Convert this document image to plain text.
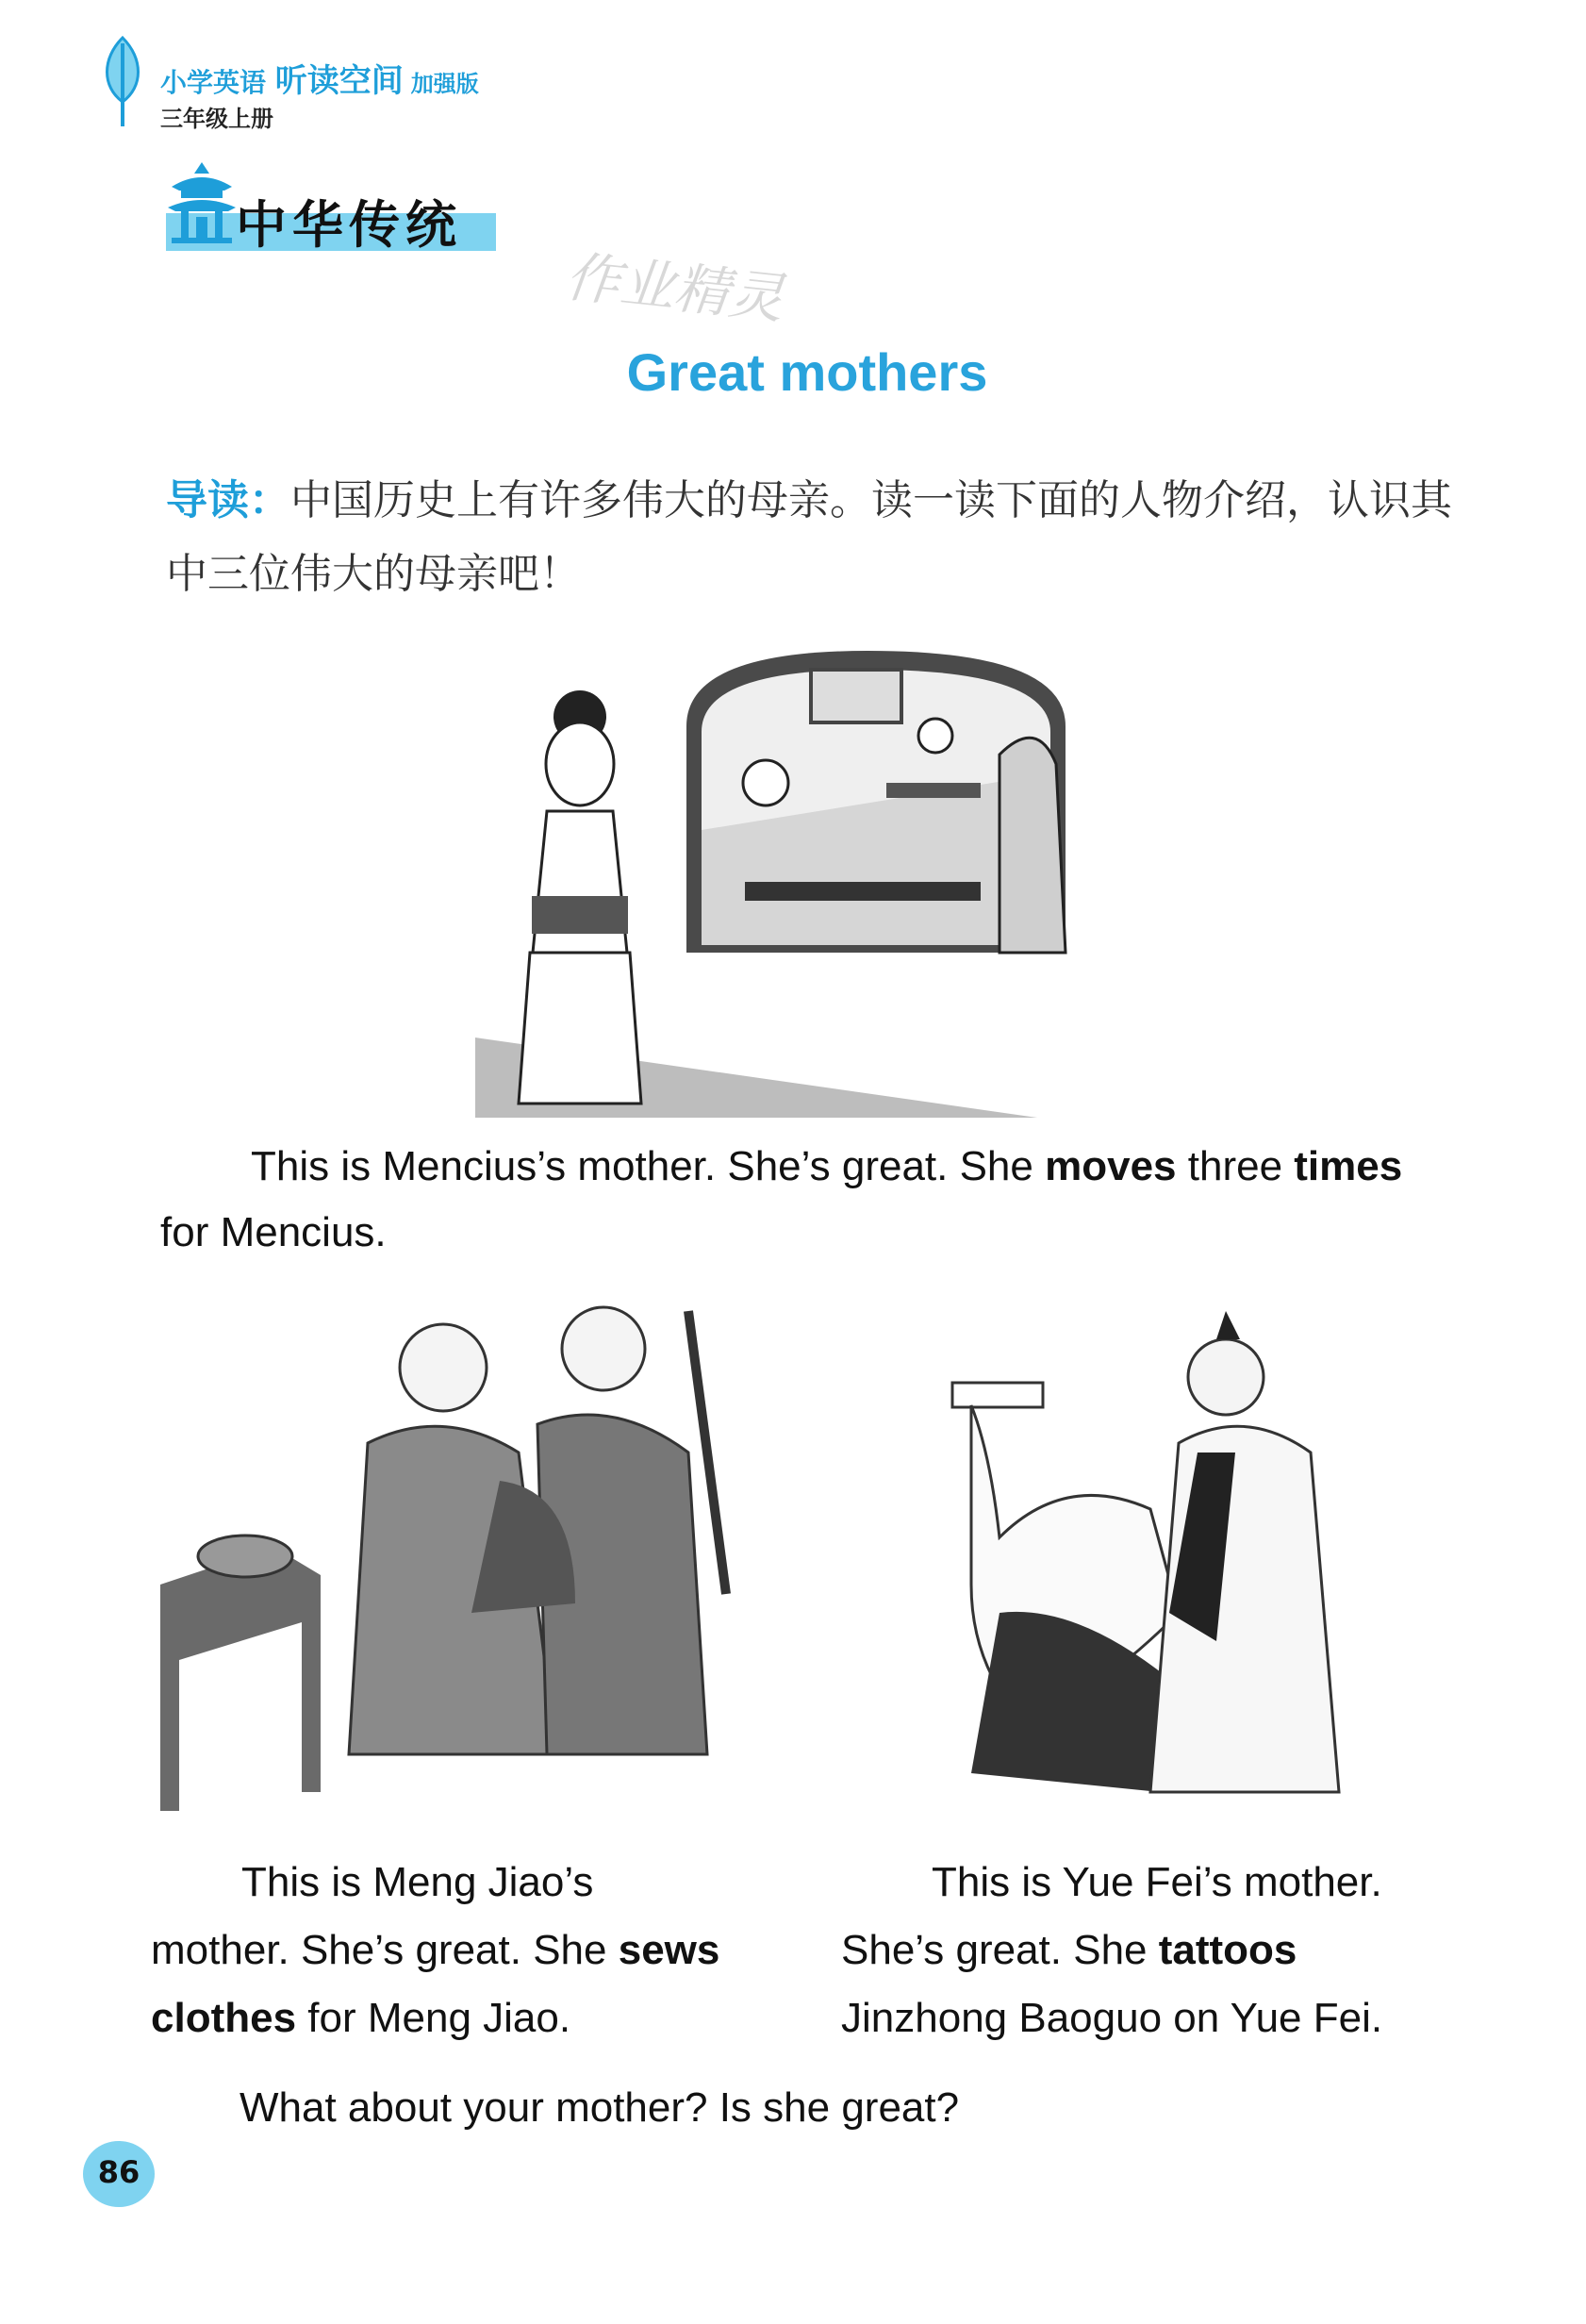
小学英语 听读空间 加强版
三年级上册
中华传统
作业精灵
Great mothers
导读：中国历史上有许多伟大的母亲。读一读下面的人物介绍，认识其中三位伟大的母亲吧！
This is Mencius’s mother. She’s great. She moves three times for Mencius.
This is Meng Jiao’s mother. She’s great. She sews clothes for Meng Jiao.
This is Yue Fei’s mother. She’s great. She tattoos Jinzhong Baoguo on Yue Fei.
What about your mother? Is she great?
86
